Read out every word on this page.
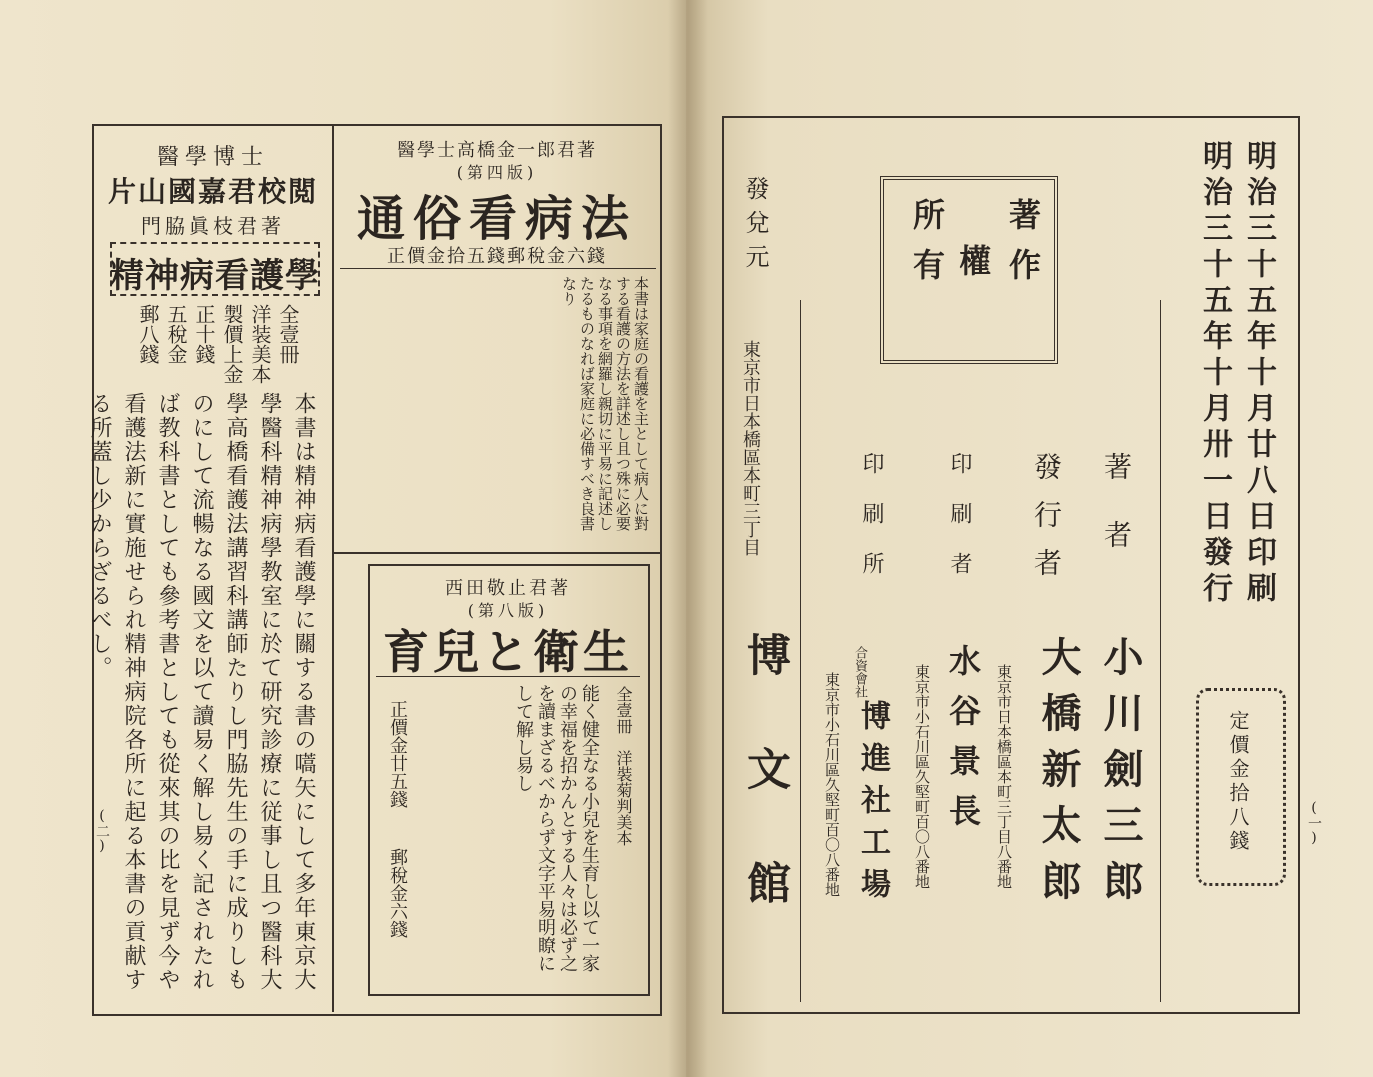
醫學博士
片山國嘉君校閲
門脇眞枝君著
精神病看護學
全壹冊
洋装美本
製價上金
正十錢
五稅金
郵八錢
本書は精神病看護學に關する書の嚆矢にして多年東京大學醫科精神病學教室に於て研究診療に従事し且つ醫科大學高橋看護法講習科講師たりし門脇先生の手に成りしものにして流暢なる國文を以て讀易く解し易く記されたれば教科書としても參考書としても從來其の比を見ず今や看護法新に實施せられ精神病院各所に起る本書の貢献する所蓋し少からざるべし。
醫學士高橋金一郎君著
(第四版)
通俗看病法
正價金拾五錢郵稅金六錢
本書は家庭の看護を主として病人に對する看護の方法を詳述し且つ殊に必要なる事項を網羅し親切に平易に記述したるものなれば家庭に必備すべき良書なり
西田敬止君著
(第八版)
育兒と衛生
全壹冊　洋裝菊判美本
能く健全なる小兒を生育し以て一家の幸福を招かんとする人々は必ず之を讀まざるべからず文字平易明瞭にして解し易し
正價金廿五錢
郵稅金六錢
(二)
明治三十五年十月廿八日印刷
明治三十五年十月卅一日發行
著作
權
所有
著者
小川劍三郎
發行者
東京市日本橋區本町三丁目八番地 大橋新太郎
印刷者
東京市小石川區久堅町百〇八番地 水谷景長
印刷所
合資會社
東京市小石川區久堅町百〇八番地 博進社工場
發兌元
東京市日本橋區本町三丁目
博文館	定價金拾八錢	(一)
